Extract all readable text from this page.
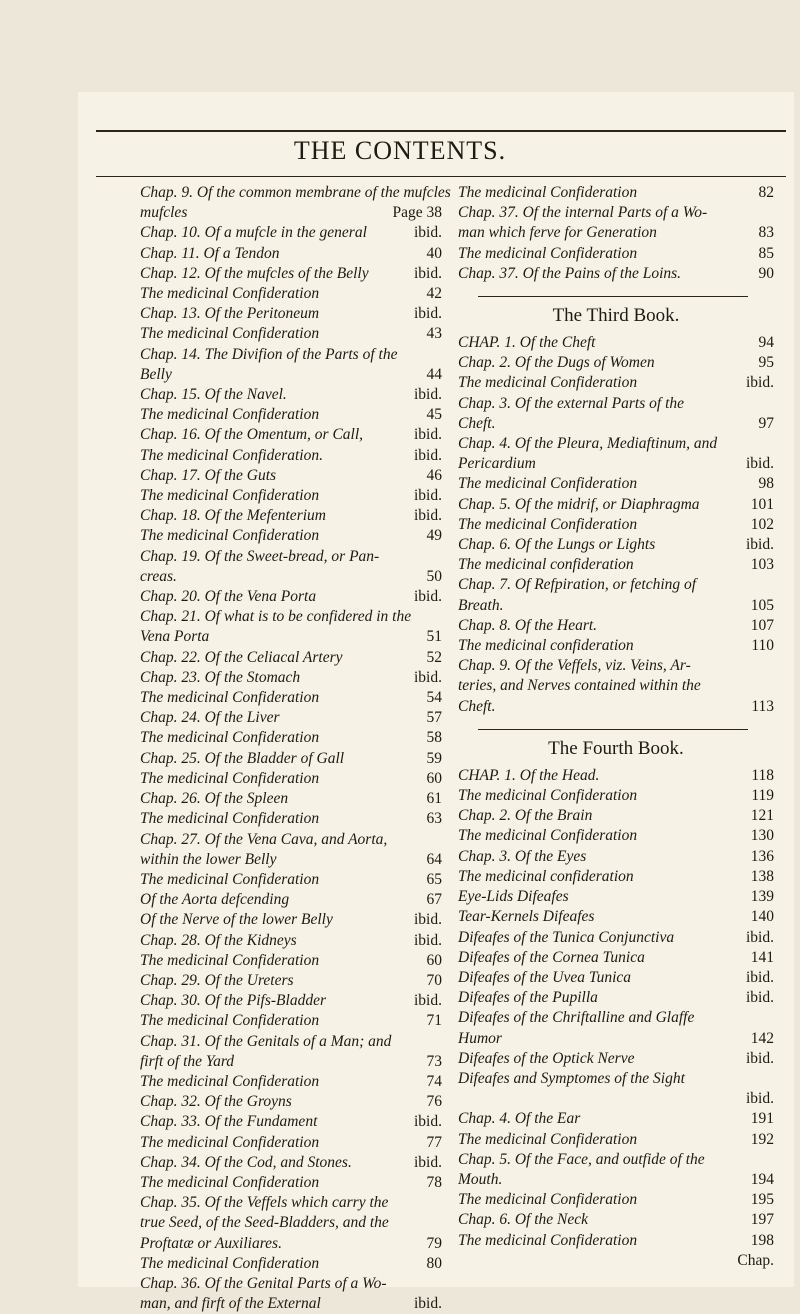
THE CONTENTS.
Chap. 9. Of the common membrane of the mufcles
mufcles	Page 38
Chap. 10. Of a mufcle in the general	ibid.
Chap. 11. Of a Tendon	40
Chap. 12. Of the mufcles of the Belly	ibid.
The medicinal Confideration	42
Chap. 13. Of the Peritoneum	ibid.
The medicinal Confideration	43
Chap. 14. The Divifion of the Parts of the
Belly	44
Chap. 15. Of the Navel.	ibid.
The medicinal Confideration	45
Chap. 16. Of the Omentum, or Call,	ibid.
The medicinal Confideration.	ibid.
Chap. 17. Of the Guts	46
The medicinal Confideration	ibid.
Chap. 18. Of the Mefenterium	ibid.
The medicinal Confideration	49
Chap. 19. Of the Sweet-bread, or Pan-
creas.	50
Chap. 20. Of the Vena Porta	ibid.
Chap. 21. Of what is to be confidered in the
Vena Porta	51
Chap. 22. Of the Celiacal Artery	52
Chap. 23. Of the Stomach	ibid.
The medicinal Confideration	54
Chap. 24. Of the Liver	57
The medicinal Confideration	58
Chap. 25. Of the Bladder of Gall	59
The medicinal Confideration	60
Chap. 26. Of the Spleen	61
The medicinal Confideration	63
Chap. 27. Of the Vena Cava, and Aorta,
within the lower Belly	64
The medicinal Confideration	65
Of the Aorta defcending	67
Of the Nerve of the lower Belly	ibid.
Chap. 28. Of the Kidneys	ibid.
The medicinal Confideration	60
Chap. 29. Of the Ureters	70
Chap. 30. Of the Pifs-Bladder	ibid.
The medicinal Confideration	71
Chap. 31. Of the Genitals of a Man; and
firft of the Yard	73
The medicinal Confideration	74
Chap. 32. Of the Groyns	76
Chap. 33. Of the Fundament	ibid.
The medicinal Confideration	77
Chap. 34. Of the Cod, and Stones.	ibid.
The medicinal Confideration	78
Chap. 35. Of the Veffels which carry the
true Seed, of the Seed-Bladders, and the
Proftatæ or Auxiliares.	79
The medicinal Confideration	80
Chap. 36. Of the Genital Parts of a Wo-
man, and firft of the External	ibid.
The medicinal Confideration	82
Chap. 37. Of the internal Parts of a Wo-
man which ferve for Generation	83
The medicinal Confideration	85
Chap. 37. Of the Pains of the Loins.	90
The Third Book.
CHAP. 1. Of the Cheft	94
Chap. 2. Of the Dugs of Women	95
The medicinal Confideration	ibid.
Chap. 3. Of the external Parts of the
Cheft.	97
Chap. 4. Of the Pleura, Mediaftinum, and
Pericardium	ibid.
The medicinal Confideration	98
Chap. 5. Of the midrif, or Diaphragma	101
The medicinal Confideration	102
Chap. 6. Of the Lungs or Lights	ibid.
The medicinal confideration	103
Chap. 7. Of Refpiration, or fetching of
Breath.	105
Chap. 8. Of the Heart.	107
The medicinal confideration	110
Chap. 9. Of the Veffels, viz. Veins, Ar-
teries, and Nerves contained within the
Cheft.	113
The Fourth Book.
CHAP. 1. Of the Head.	118
The medicinal Confideration	119
Chap. 2. Of the Brain	121
The medicinal Confideration	130
Chap. 3. Of the Eyes	136
The medicinal confideration	138
Eye-Lids Difeafes	139
Tear-Kernels Difeafes	140
Difeafes of the Tunica Conjunctiva	ibid.
Difeafes of the Cornea Tunica	141
Difeafes of the Uvea Tunica	ibid.
Difeafes of the Pupilla	ibid.
Difeafes of the Chriftalline and Glaffe
Humor	142
Difeafes of the Optick Nerve	ibid.
Difeafes and Symptomes of the Sight
ibid.
Chap. 4. Of the Ear	191
The medicinal Confideration	192
Chap. 5. Of the Face, and outfide of the
Mouth.	194
The medicinal Confideration	195
Chap. 6. Of the Neck	197
The medicinal Confideration	198
Chap.
